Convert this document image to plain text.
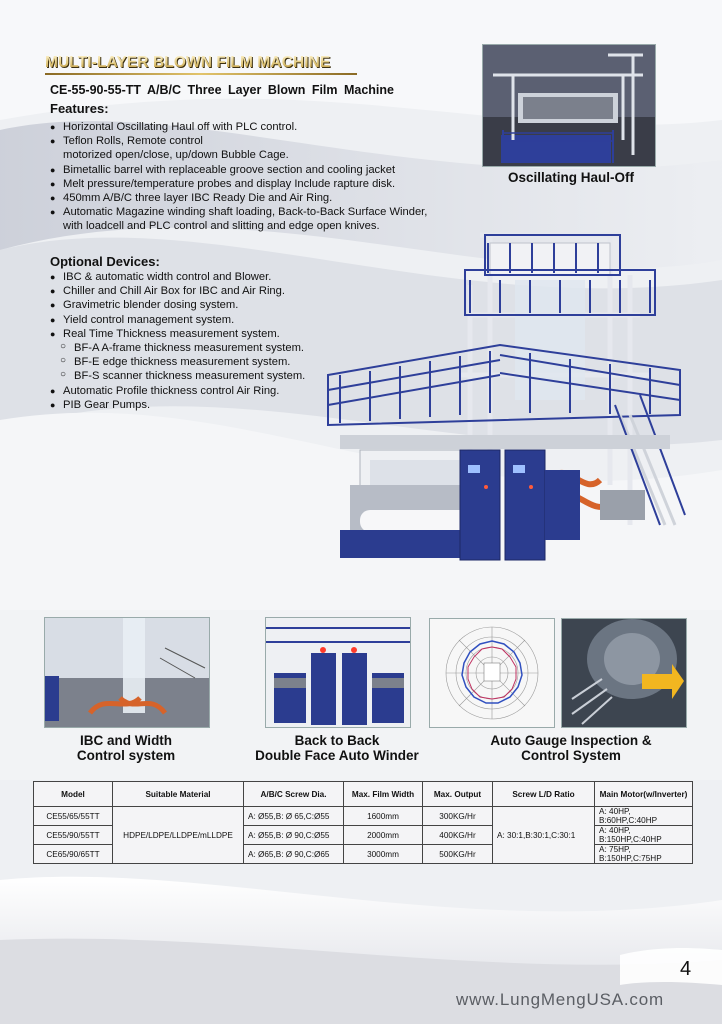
MULTI-LAYER BLOWN FILM MACHINE
CE-55-90-55-TT A/B/C Three Layer Blown Film Machine
Features:
● Horizontal Oscillating Haul off with PLC control.
● Teflon Rolls, Remote control
motorized open/close, up/down Bubble Cage.
● Bimetallic barrel with replaceable groove section and cooling jacket
● Melt pressure/temperature probes and display Include rapture disk.
● 450mm A/B/C three layer IBC Ready Die and Air Ring.
● Automatic Magazine winding shaft loading, Back-to-Back Surface Winder,
with loadcell and PLC control and slitting and edge open knives.
Optional Devices:
● IBC & automatic width control and Blower.
● Chiller and Chill Air Box for IBC and Air Ring.
● Gravimetric blender dosing system.
● Yield control management system.
● Real Time Thickness measurement system.
○ BF-A A-frame thickness measurement system.
○ BF-E edge thickness measurement system.
○ BF-S scanner thickness measurement system.
● Automatic Profile thickness control Air Ring.
● PIB Gear Pumps.
Oscillating Haul-Off
IBC and Width
Control system
Back to Back
Double Face Auto Winder
Auto Gauge Inspection &
Control System
Model	Suitable Material	A/B/C Screw Dia.	Max. Film Width	Max. Output	Screw L/D Ratio	Main Motor(w/Inverter)
CE55/65/55TT	HDPE/LDPE/LLDPE/mLLDPE	A: Ø55,B: Ø 65,C:Ø55	1600mm	300KG/Hr	A: 30:1,B:30:1,C:30:1	A: 40HP, B:60HP,C:40HP
CE55/90/55TT		A: Ø55,B: Ø 90,C:Ø55	2000mm	400KG/Hr		A: 40HP, B:150HP,C:40HP
CE65/90/65TT		A: Ø65,B: Ø 90,C:Ø65	3000mm	500KG/Hr		A: 75HP, B:150HP,C:75HP
4
www.LungMengUSA.com
